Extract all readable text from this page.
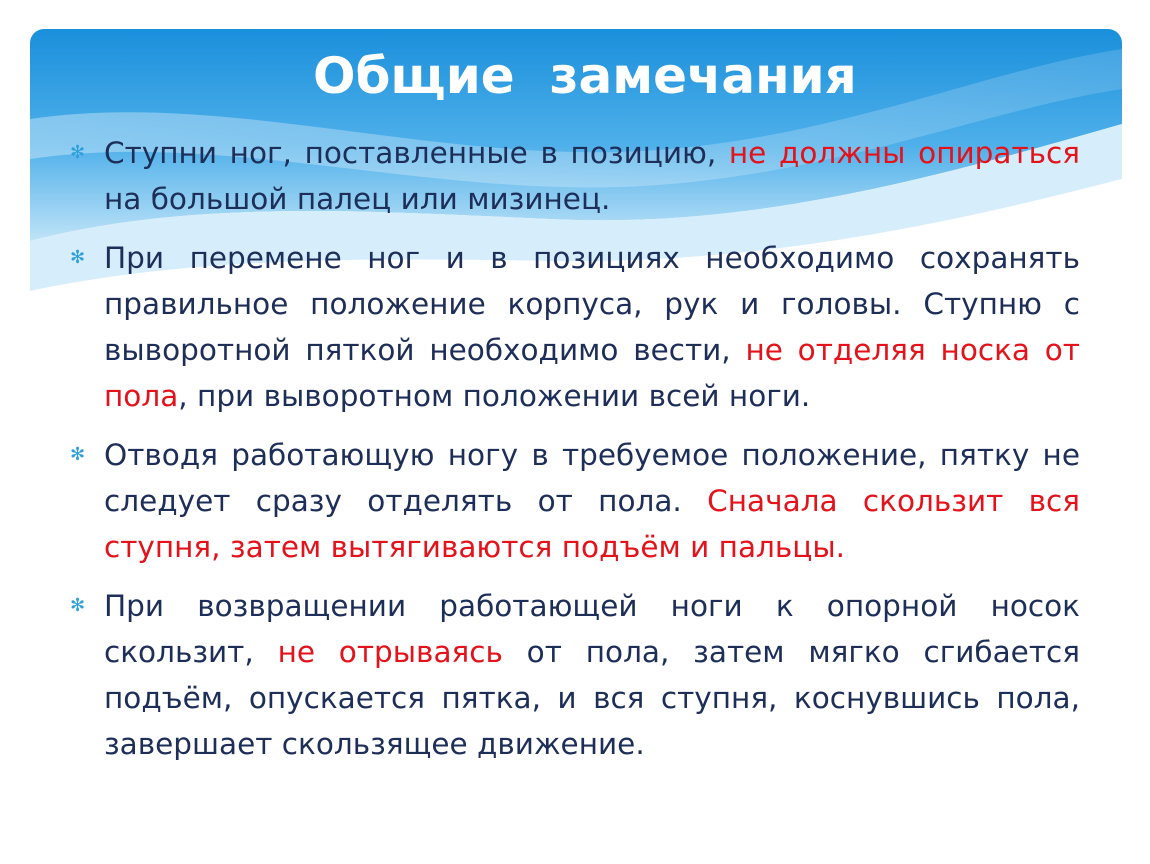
Общие  замечания
✻ Ступни ног, поставленные в позицию, не должны опираться на большой палец или мизинец.
✻ При перемене ног и в позициях необходимо сохранять правильное положение корпуса, рук и головы. Ступню с выворотной пяткой необходимо вести, не отделяя носка от пола, при выворотном положении всей ноги.
✻ Отводя работающую ногу в требуемое положение, пятку не следует сразу отделять от пола. Сначала скользит вся ступня, затем вытягиваются подъём и пальцы.
✻ При возвращении работающей ноги к опорной носок скользит, не отрываясь от пола, затем мягко сгибается подъём, опускается пятка, и вся ступня, коснувшись пола, завершает скользящее движение.
